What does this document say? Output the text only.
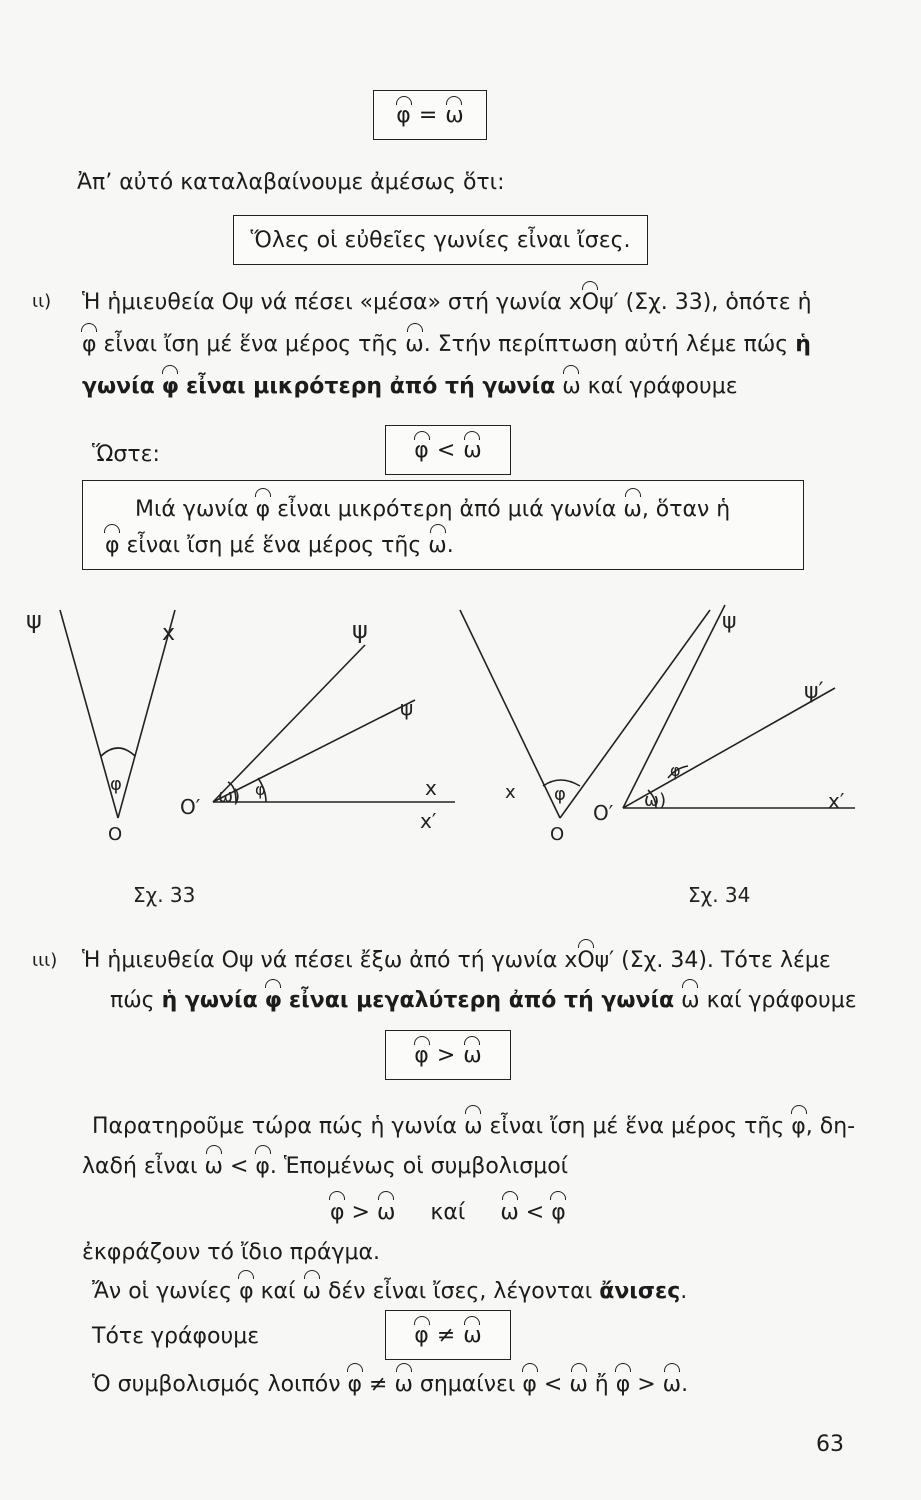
φ = ω
Ἀπ’ αὐτό καταλαβαίνουμε ἀμέσως ὅτι:
Ὅλες οἱ εὐθεῖες γωνίες εἶναι ἴσες.
ιι) Ἡ ἡμιευθεία Οψ νά πέσει «μέσα» στή γωνία xΟψ′ (Σχ. 33), ὁπότε ἡ
φ εἶναι ἴση μέ ἕνα μέρος τῆς ω. Στήν περίπτωση αὐτή λέμε πώς ἡ
γωνία φ εἶναι μικρότερη ἀπό τή γωνία ω καί γράφουμε
Ὥστε:	φ < ω
Μιά γωνία φ εἶναι μικρότερη ἀπό μιά γωνία ω, ὅταν ἡ
φ εἶναι ἴση μέ ἕνα μέρος τῆς ω.
ψ	x
φ
O
ψ
ψ
ω) φ
O′
x
x′
Σχ. 33
x φ
O
ψ
ψ′
ω)
φ
O′	x′
Σχ. 34
ιιι) Ἡ ἡμιευθεία Οψ νά πέσει ἔξω ἀπό τή γωνία xΟψ′ (Σχ. 34). Τότε λέμε
πώς ἡ γωνία φ εἶναι μεγαλύτερη ἀπό τή γωνία ω καί γράφουμε
φ > ω
Παρατηροῦμε τώρα πώς ἡ γωνία ω εἶναι ἴση μέ ἕνα μέρος τῆς φ, δη-
λαδή εἶναι ω < φ. Ἑπομένως οἱ συμβολισμοί
φ > ω καί ω < φ
ἐκφράζουν τό ἴδιο πράγμα.
Ἄν οἱ γωνίες φ καί ω δέν εἶναι ἴσες, λέγονται ἄνισες.
Τότε γράφουμε	φ ≠ ω
Ὁ συμβολισμός λοιπόν φ ≠ ω σημαίνει φ < ω ἤ φ > ω.
63
